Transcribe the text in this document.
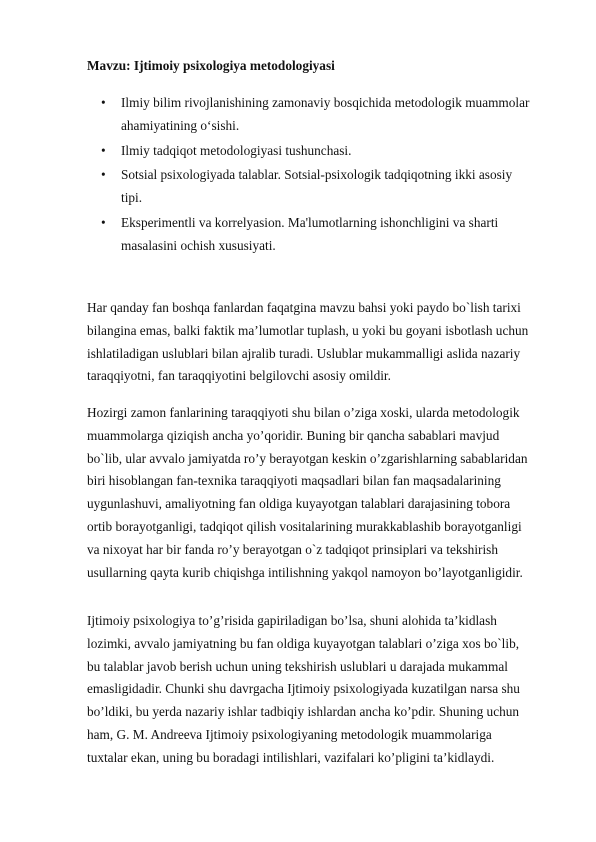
Mavzu: Ijtimoiy psixologiya metodologiyasi
• Ilmiy bilim rivojlanishining zamonaviy bosqichida metodologik muammolar
ahamiyatining o‘sishi.
• Ilmiy tadqiqot metodologiyasi tushunchasi.
• Sotsial psixologiyada talablar. Sotsial-psixologik tadqiqotning ikki asosiy
tipi.
• Eksperimentli va korrelyasion. Ma'lumotlarning ishonchligini va sharti
masalasini ochish xususiyati.

Har qanday fan boshqa fanlardan faqatgina mavzu bahsi yoki paydo bo`lish tarixi
bilangina emas, balki faktik ma’lumotlar tuplash, u yoki bu goyani isbotlash uchun
ishlatiladigan uslublari bilan ajralib turadi. Uslublar mukammalligi aslida nazariy
taraqqiyotni, fan taraqqiyotini belgilovchi asosiy omildir.

Hozirgi zamon fanlarining taraqqiyoti shu bilan o’ziga xoski, ularda metodologik
muammolarga qiziqish ancha yo’qoridir. Buning bir qancha sabablari mavjud
bo`lib, ular avvalo jamiyatda ro’y berayotgan keskin o’zgarishlarning sabablaridan
biri hisoblangan fan-texnika taraqqiyoti maqsadlari bilan fan maqsadalarining
uygunlashuvi, amaliyotning fan oldiga kuyayotgan talablari darajasining tobora
ortib borayotganligi, tadqiqot qilish vositalarining murakkablashib borayotganligi
va nixoyat har bir fanda ro’y berayotgan o`z tadqiqot prinsiplari va tekshirish
usullarning qayta kurib chiqishga intilishning yakqol namoyon bo’layotganligidir.

Ijtimoiy psixologiya to’g’risida gapiriladigan bo’lsa, shuni alohida ta’kidlash
lozimki, avvalo jamiyatning bu fan oldiga kuyayotgan talablari o’ziga xos bo`lib,
bu talablar javob berish uchun uning tekshirish uslublari u darajada mukammal
emasligidadir. Chunki shu davrgacha Ijtimoiy psixologiyada kuzatilgan narsa shu
bo’ldiki, bu yerda nazariy ishlar tadbiqiy ishlardan ancha ko’pdir. Shuning uchun
ham, G. M. Andreeva Ijtimoiy psixologiyaning metodologik muammolariga
tuxtalar ekan, uning bu boradagi intilishlari, vazifalari ko’pligini ta’kidlaydi.
